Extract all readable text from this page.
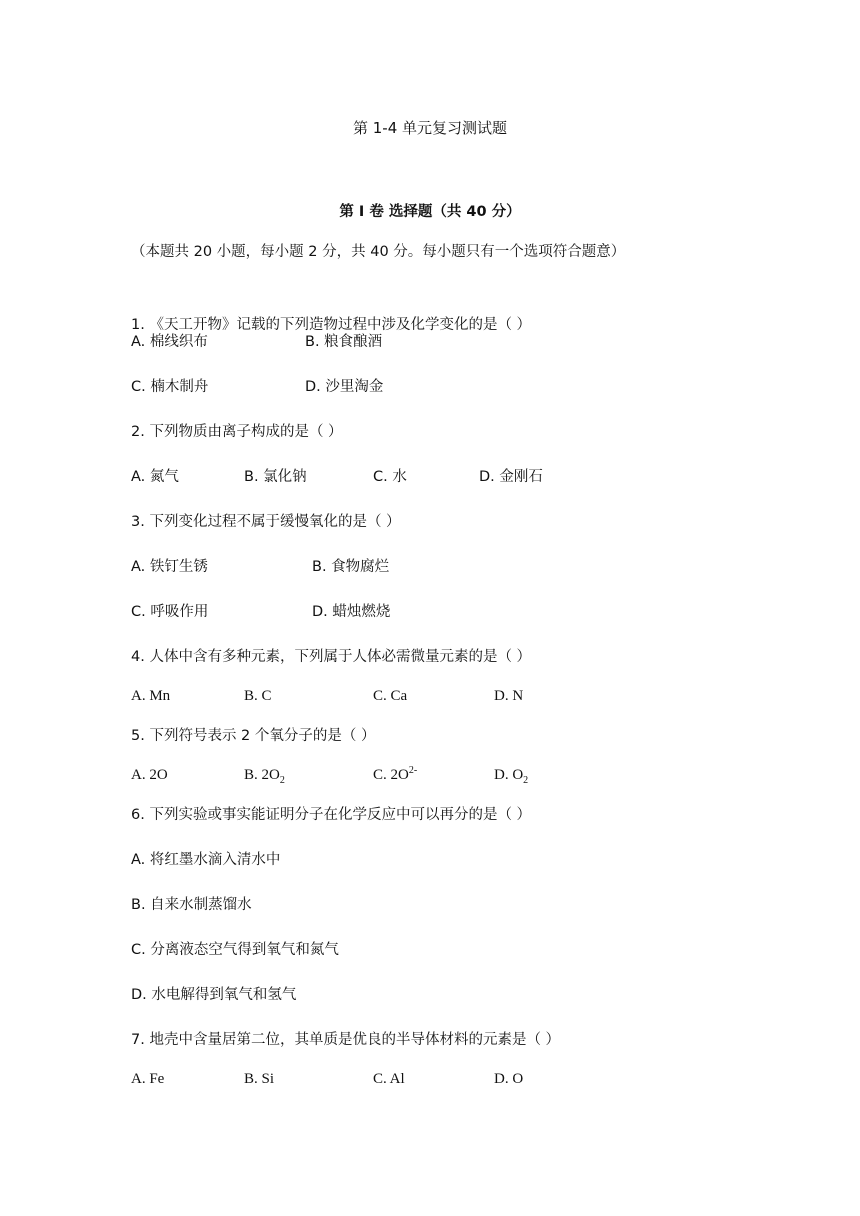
第 1-4 单元复习测试题
第 I 卷 选择题（共 40 分）
（本题共 20 小题，每小题 2 分，共 40 分。每小题只有一个选项符合题意）
1. 《天工开物》记载的下列造物过程中涉及化学变化的是（ ）
A. 棉线织布	B. 粮食酿酒
C. 楠木制舟	D. 沙里淘金
2. 下列物质由离子构成的是（ ）
A. 氮气	B. 氯化钠	C. 水	D. 金刚石
3. 下列变化过程不属于缓慢氧化的是（ ）
A. 铁钉生锈	B. 食物腐烂
C. 呼吸作用	D. 蜡烛燃烧
4. 人体中含有多种元素，下列属于人体必需微量元素的是（ ）
A. Mn	B. C	C. Ca	D. N
5. 下列符号表示 2 个氧分子的是（ ）
A. 2O	B. $2O_2$	C. $2O^{2-}$	D. $O_2$
6. 下列实验或事实能证明分子在化学反应中可以再分的是（ ）
A. 将红墨水滴入清水中
B. 自来水制蒸馏水
C. 分离液态空气得到氧气和氮气
D. 水电解得到氧气和氢气
7. 地壳中含量居第二位，其单质是优良的半导体材料的元素是（ ）
A. Fe	B. Si	C. Al	D. O
